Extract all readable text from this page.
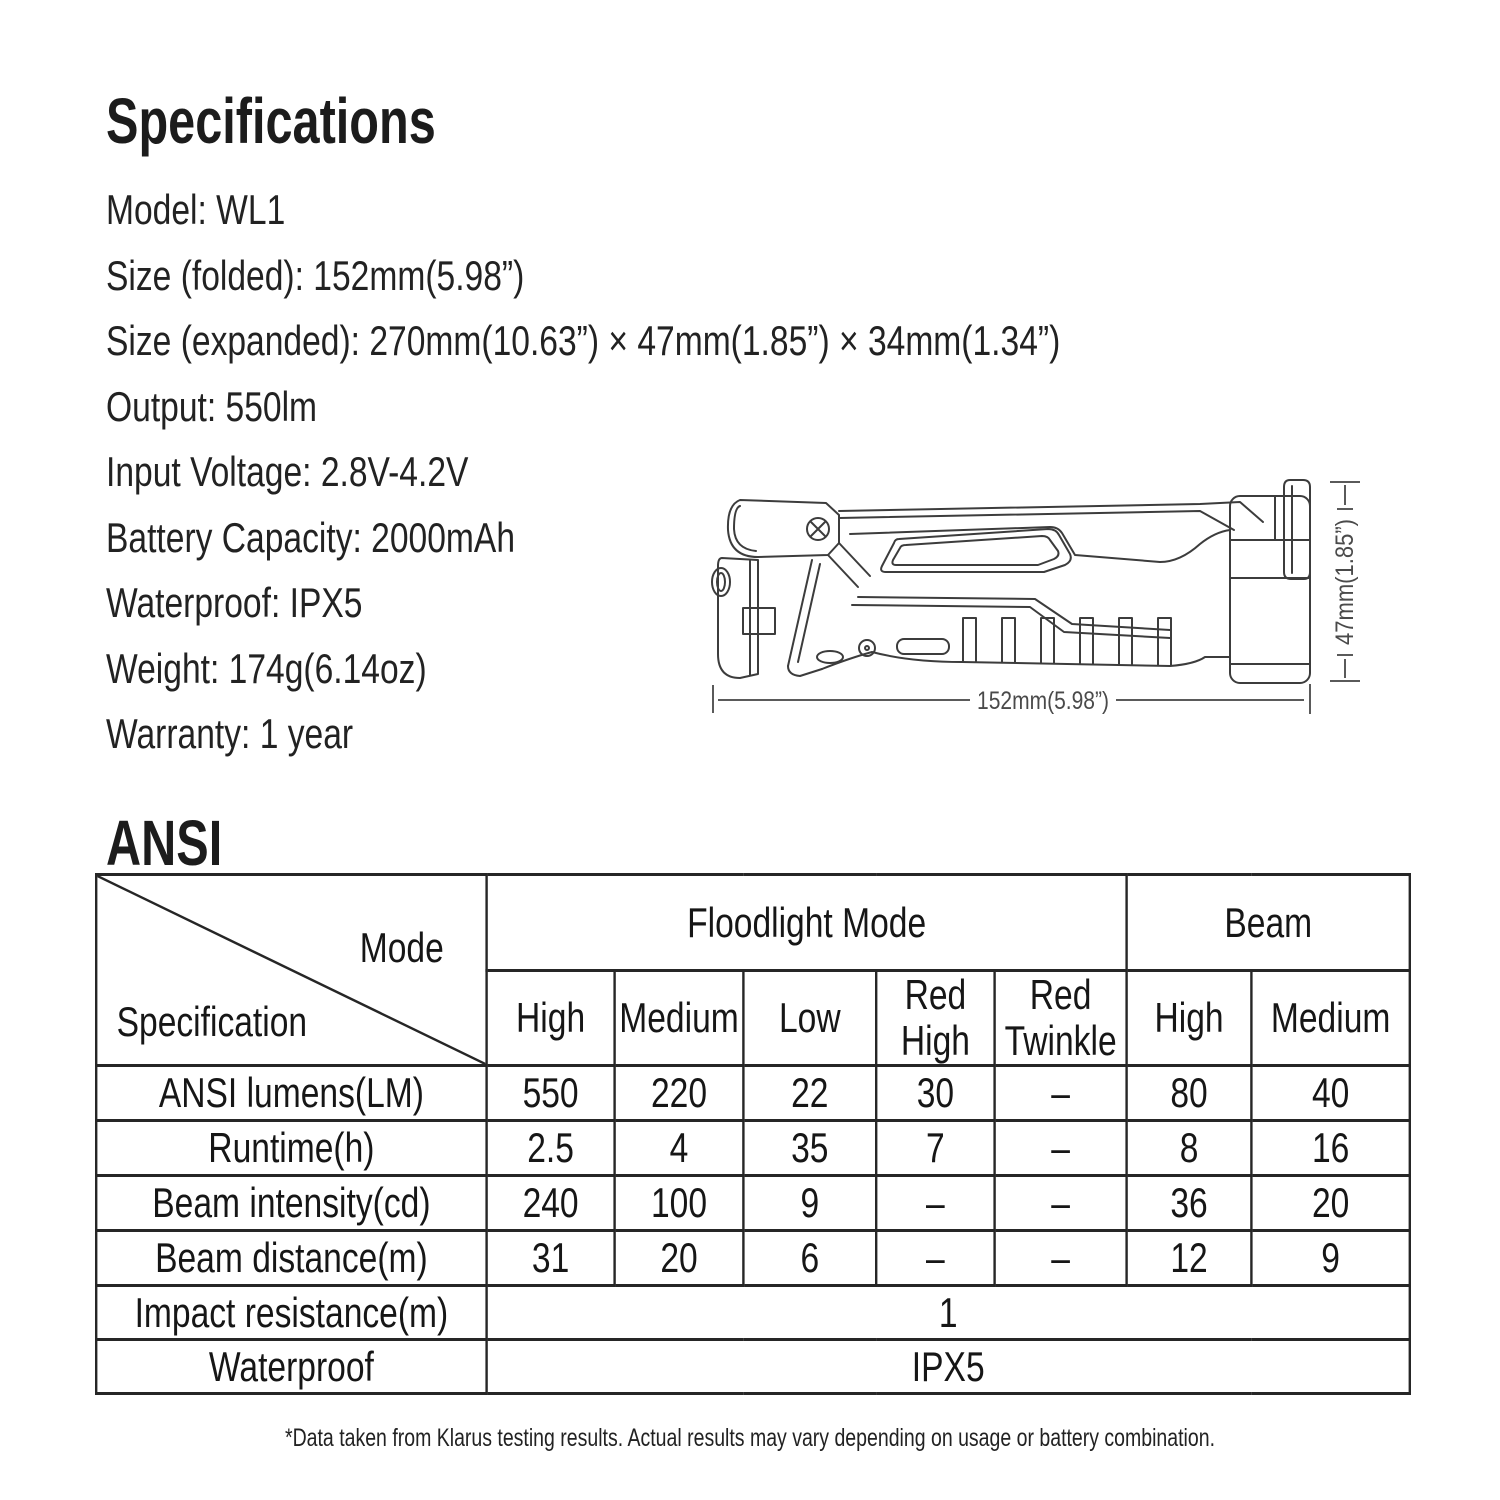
Specifications
Model: WL1
Size (folded): 152mm(5.98”)
Size (expanded): 270mm(10.63”) × 47mm(1.85”) × 34mm(1.34”)
Output: 550lm
Input Voltage: 2.8V-4.2V
Battery Capacity: 2000mAh
Waterproof: IPX5
Weight: 174g(6.14oz)
Warranty: 1 year
152mm(5.98”)
47mm(1.85”)
ANSI
Mode
Specification	Floodlight Mode					Beam	
	High	Medium	Low	Red High	Red Twinkle	High	Medium
ANSI lumens(LM)	550	220	22	30	–	80	40
Runtime(h)	2.5	4	35	7	–	8	16
Beam intensity(cd)	240	100	9	–	–	36	20
Beam distance(m)	31	20	6	–	–	12	9
Impact resistance(m)	1						
Waterproof	IPX5						
*Data taken from Klarus testing results. Actual results may vary depending on usage or battery combination.
